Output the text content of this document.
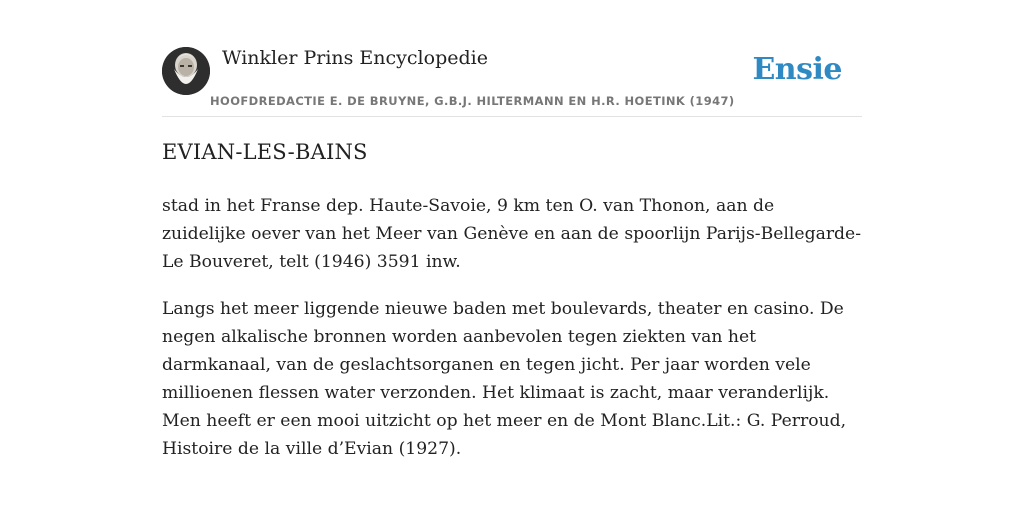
Winkler Prins Encyclopedie
HOOFDREDACTIE E. DE BRUYNE, G.B.J. HILTERMANN EN H.R. HOETINK (1947)
Ensie
EVIAN-LES-BAINS

stad in het Franse dep. Haute-Savoie, 9 km ten O. van Thonon, aan de zuidelijke oever van het Meer van Genève en aan de spoorlijn Parijs-Bellegarde-Le Bouveret, telt (1946) 3591 inw.

Langs het meer liggende nieuwe baden met boulevards, theater en casino. De negen alkalische bronnen worden aanbevolen tegen ziekten van het darmkanaal, van de geslachtsorganen en tegen jicht. Per jaar worden vele millioenen flessen water verzonden. Het klimaat is zacht, maar veranderlijk. Men heeft er een mooi uitzicht op het meer en de Mont Blanc.Lit.: G. Perroud, Histoire de la ville d’Evian (1927).
